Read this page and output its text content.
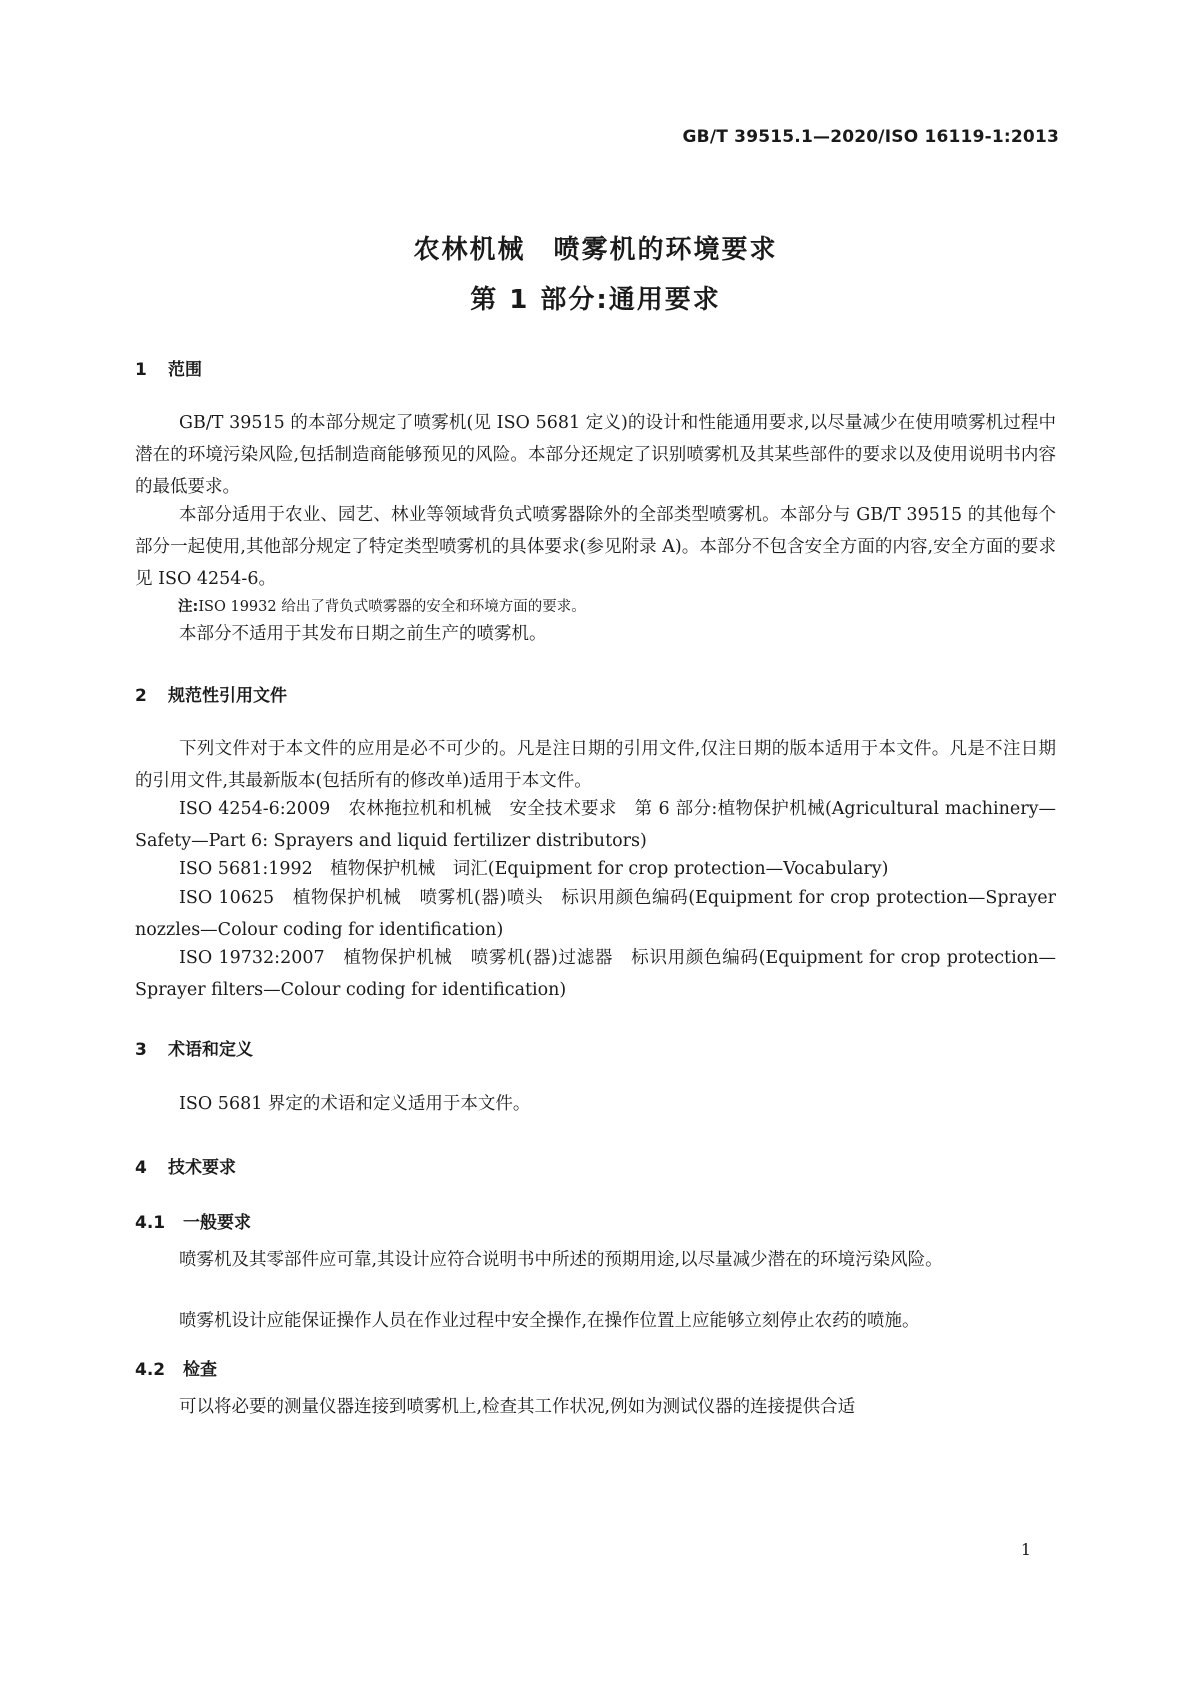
GB/T 39515.1—2020/ISO 16119-1:2013
农林机械　喷雾机的环境要求
第 1 部分:通用要求
1 范围

GB/T 39515 的本部分规定了喷雾机(见 ISO 5681 定义)的设计和性能通用要求,以尽量减少在使用喷雾机过程中潜在的环境污染风险,包括制造商能够预见的风险。本部分还规定了识别喷雾机及其某些部件的要求以及使用说明书内容的最低要求。

本部分适用于农业、园艺、林业等领域背负式喷雾器除外的全部类型喷雾机。本部分与 GB/T 39515 的其他每个部分一起使用,其他部分规定了特定类型喷雾机的具体要求(参见附录 A)。本部分不包含安全方面的内容,安全方面的要求见 ISO 4254-6。

注:ISO 19932 给出了背负式喷雾器的安全和环境方面的要求。

本部分不适用于其发布日期之前生产的喷雾机。

2 规范性引用文件

下列文件对于本文件的应用是必不可少的。凡是注日期的引用文件,仅注日期的版本适用于本文件。凡是不注日期的引用文件,其最新版本(包括所有的修改单)适用于本文件。

ISO 4254-6:2009　农林拖拉机和机械　安全技术要求　第 6 部分:植物保护机械(Agricultural machinery—Safety—Part 6: Sprayers and liquid fertilizer distributors)

ISO 5681:1992　植物保护机械　词汇(Equipment for crop protection—Vocabulary)

ISO 10625　植物保护机械　喷雾机(器)喷头　标识用颜色编码(Equipment for crop protection—Sprayer nozzles—Colour coding for identification)

ISO 19732:2007　植物保护机械　喷雾机(器)过滤器　标识用颜色编码(Equipment for crop protection—Sprayer filters—Colour coding for identification)

3 术语和定义

ISO 5681 界定的术语和定义适用于本文件。

4 技术要求
4.1 一般要求

喷雾机及其零部件应可靠,其设计应符合说明书中所述的预期用途,以尽量减少潜在的环境污染风险。

喷雾机设计应能保证操作人员在作业过程中安全操作,在操作位置上应能够立刻停止农药的喷施。

4.2 检查

可以将必要的测量仪器连接到喷雾机上,检查其工作状况,例如为测试仪器的连接提供合适

1
